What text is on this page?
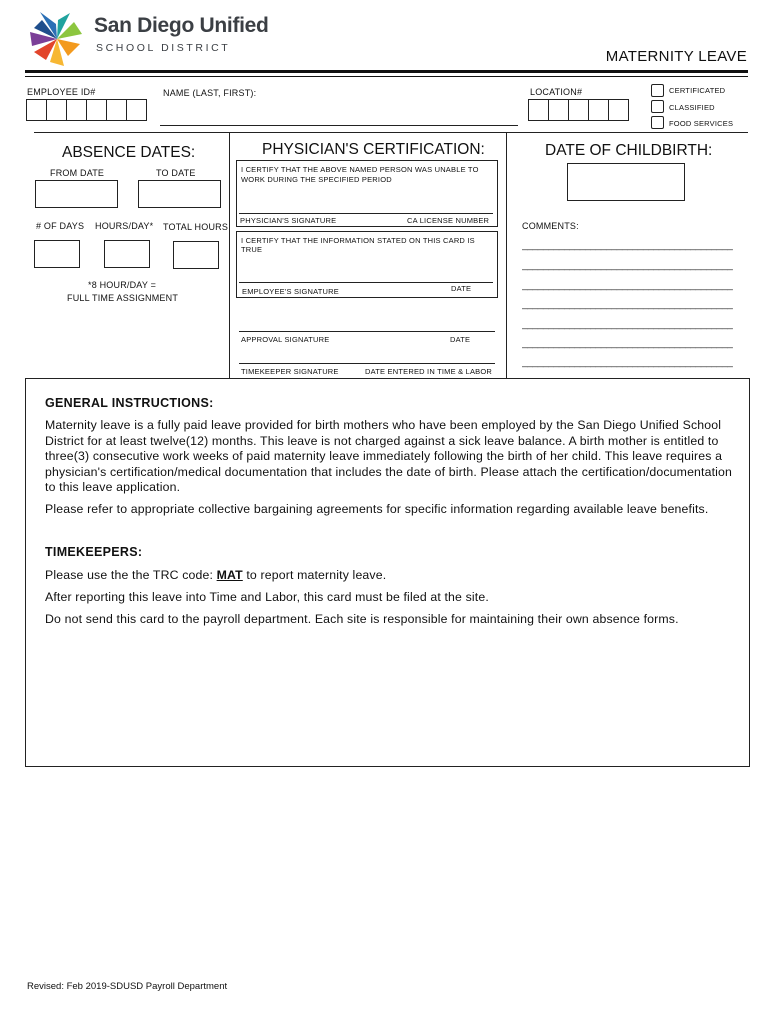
San Diego Unified
SCHOOL DISTRICT	MATERNITY LEAVE
EMPLOYEE ID#	NAME (LAST, FIRST):	LOCATION#	CERTIFICATED
CLASSIFIED
FOOD SERVICES
ABSENCE DATES:
FROM DATE	TO DATE
# OF DAYS HOURS/DAY* TOTAL HOURS
*8 HOUR/DAY =
FULL TIME ASSIGNMENT
PHYSICIAN'S CERTIFICATION:
I CERTIFY THAT THE ABOVE NAMED PERSON WAS UNABLE TO WORK DURING THE SPECIFIED PERIOD
PHYSICIAN'S SIGNATURE	CA LICENSE NUMBER
I CERTIFY THAT THE INFORMATION STATED ON THIS CARD IS TRUE
EMPLOYEE'S SIGNATURE	DATE
APPROVAL SIGNATURE	DATE
TIMEKEEPER SIGNATURE	DATE ENTERED IN TIME & LABOR
DATE OF CHILDBIRTH:
COMMENTS:
________________________________________
________________________________________
________________________________________
________________________________________
________________________________________
________________________________________
________________________________________
GENERAL INSTRUCTIONS:

Maternity leave is a fully paid leave provided for birth mothers who have been employed by the San Diego Unified School District for at least twelve(12) months. This leave is not charged against a sick leave balance. A birth mother is entitled to three(3) consecutive work weeks of paid maternity leave immediately following the birth of her child. This leave requires a physician's certification/medical documentation that includes the date of birth. Please attach the certification/documentation to this leave application.

Please refer to appropriate collective bargaining agreements for specific information regarding available leave benefits.

TIMEKEEPERS:

Please use the the TRC code: MAT to report maternity leave.

After reporting this leave into Time and Labor, this card must be filed at the site.

Do not send this card to the payroll department. Each site is responsible for maintaining their own absence forms.

Revised: Feb 2019-SDUSD Payroll Department
